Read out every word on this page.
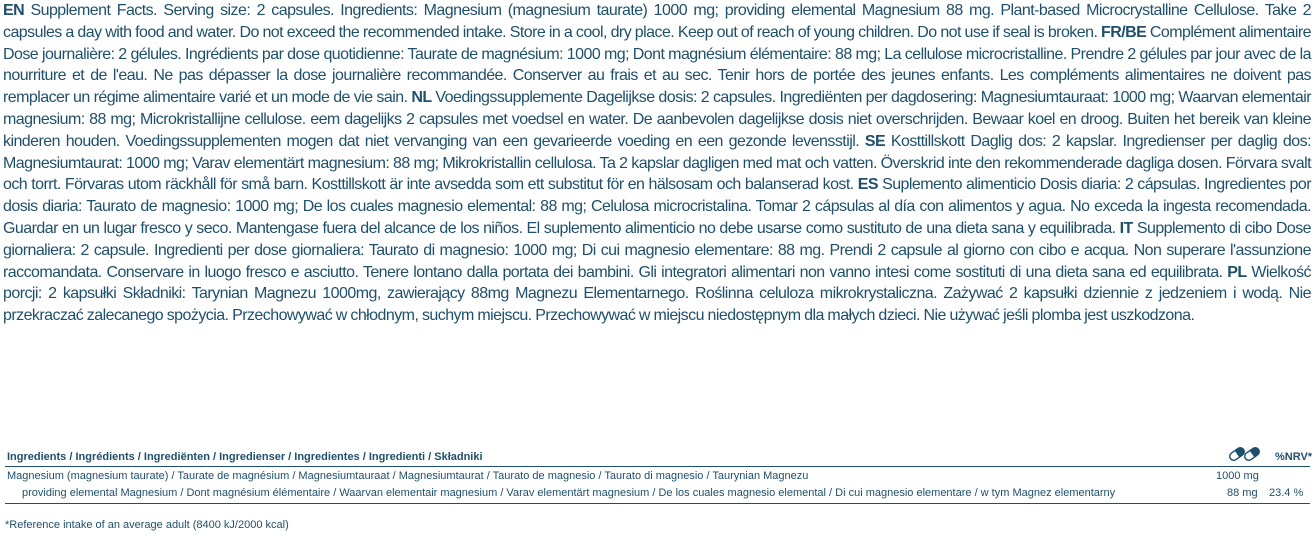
EN Supplement Facts. Serving size: 2 capsules. Ingredients: Magnesium (magnesium taurate) 1000 mg; providing elemental Magnesium 88 mg. Plant-based Microcrystalline Cellulose. Take 2 capsules a day with food and water. Do not exceed the recommended intake. Store in a cool, dry place. Keep out of reach of young children. Do not use if seal is broken. FR/BE Complément alimentaire Dose journalière: 2 gélules. Ingrédients par dose quotidienne: Taurate de magnésium: 1000 mg; Dont magnésium élémentaire: 88 mg; La cellulose microcristalline. Prendre 2 gélules par jour avec de la nourriture et de l'eau. Ne pas dépasser la dose journalière recommandée. Conserver au frais et au sec. Tenir hors de portée des jeunes enfants. Les compléments alimentaires ne doivent pas remplacer un régime alimentaire varié et un mode de vie sain. NL Voedingssupplemente Dagelijkse dosis: 2 capsules. Ingrediënten per dagdosering: Magnesiumtauraat: 1000 mg; Waarvan elementair magnesium: 88 mg; Microkristallijne cellulose. eem dagelijks 2 capsules met voedsel en water. De aanbevolen dagelijkse dosis niet overschrijden. Bewaar koel en droog. Buiten het bereik van kleine kinderen houden. Voedingssupplementen mogen dat niet vervanging van een gevarieerde voeding en een gezonde levensstijl. SE Kosttillskott Daglig dos: 2 kapslar. Ingredienser per daglig dos: Magnesiumtaurat: 1000 mg; Varav elementärt magnesium: 88 mg; Mikrokristallin cellulosa. Ta 2 kapslar dagligen med mat och vatten. Överskrid inte den rekommenderade dagliga dosen. Förvara svalt och torrt. Förvaras utom räckhåll för små barn. Kosttillskott är inte avsedda som ett substitut för en hälsosam och balanserad kost. ES Suplemento alimenticio Dosis diaria: 2 cápsulas. Ingredientes por dosis diaria: Taurato de magnesio: 1000 mg; De los cuales magnesio elemental: 88 mg; Celulosa microcristalina. Tomar 2 cápsulas al día con alimentos y agua. No exceda la ingesta recomendada. Guardar en un lugar fresco y seco. Mantengase fuera del alcance de los niños. El suplemento alimenticio no debe usarse como sustituto de una dieta sana y equilibrada. IT Supplemento di cibo Dose giornaliera: 2 capsule. Ingredienti per dose giornaliera: Taurato di magnesio: 1000 mg; Di cui magnesio elementare: 88 mg. Prendi 2 capsule al giorno con cibo e acqua. Non superare l'assunzione raccomandata. Conservare in luogo fresco e asciutto. Tenere lontano dalla portata dei bambini. Gli integratori alimentari non vanno intesi come sostituti di una dieta sana ed equilibrata. PL Wielkość porcji: 2 kapsułki Składniki: Tarynian Magnezu 1000mg, zawierający 88mg Magnezu Elementarnego. Roślinna celuloza mikrokrystaliczna. Zażywać 2 kapsułki dziennie z jedzeniem i wodą. Nie przekraczać zalecanego spożycia. Przechowywać w chłodnym, suchym miejscu. Przechowywać w miejscu niedostępnym dla małych dzieci. Nie używać jeśli plomba jest uszkodzona.
Ingredients / Ingrédients / Ingrediënten / Ingredienser / Ingredientes / Ingredienti / Składniki	%NRV*
Magnesium (magnesium taurate) / Taurate de magnésium / Magnesiumtauraat / Magnesiumtaurat / Taurato de magnesio / Taurato di magnesio / Taurynian Magnezu	1000 mg
providing elemental Magnesium / Dont magnésium élémentaire / Waarvan elementair magnesium / Varav elementärt magnesium / De los cuales magnesio elemental / Di cui magnesio elementare / w tym Magnez elementarny	88 mg 23.4 %
*Reference intake of an average adult (8400 kJ/2000 kcal)
